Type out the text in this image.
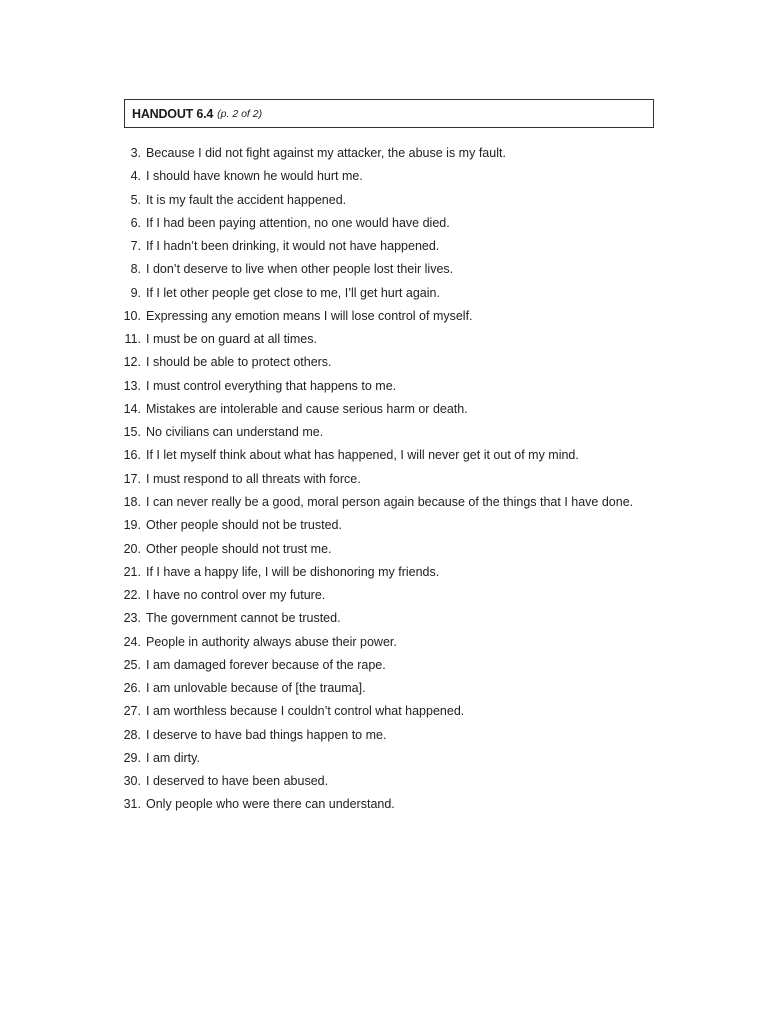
HANDOUT 6.4 (p. 2 of 2)
3. Because I did not fight against my attacker, the abuse is my fault.
4. I should have known he would hurt me.
5. It is my fault the accident happened.
6. If I had been paying attention, no one would have died.
7. If I hadn’t been drinking, it would not have happened.
8. I don’t deserve to live when other people lost their lives.
9. If I let other people get close to me, I’ll get hurt again.
10. Expressing any emotion means I will lose control of myself.
11. I must be on guard at all times.
12. I should be able to protect others.
13. I must control everything that happens to me.
14. Mistakes are intolerable and cause serious harm or death.
15. No civilians can understand me.
16. If I let myself think about what has happened, I will never get it out of my mind.
17. I must respond to all threats with force.
18. I can never really be a good, moral person again because of the things that I have done.
19. Other people should not be trusted.
20. Other people should not trust me.
21. If I have a happy life, I will be dishonoring my friends.
22. I have no control over my future.
23. The government cannot be trusted.
24. People in authority always abuse their power.
25. I am damaged forever because of the rape.
26. I am unlovable because of [the trauma].
27. I am worthless because I couldn’t control what happened.
28. I deserve to have bad things happen to me.
29. I am dirty.
30. I deserved to have been abused.
31. Only people who were there can understand.
